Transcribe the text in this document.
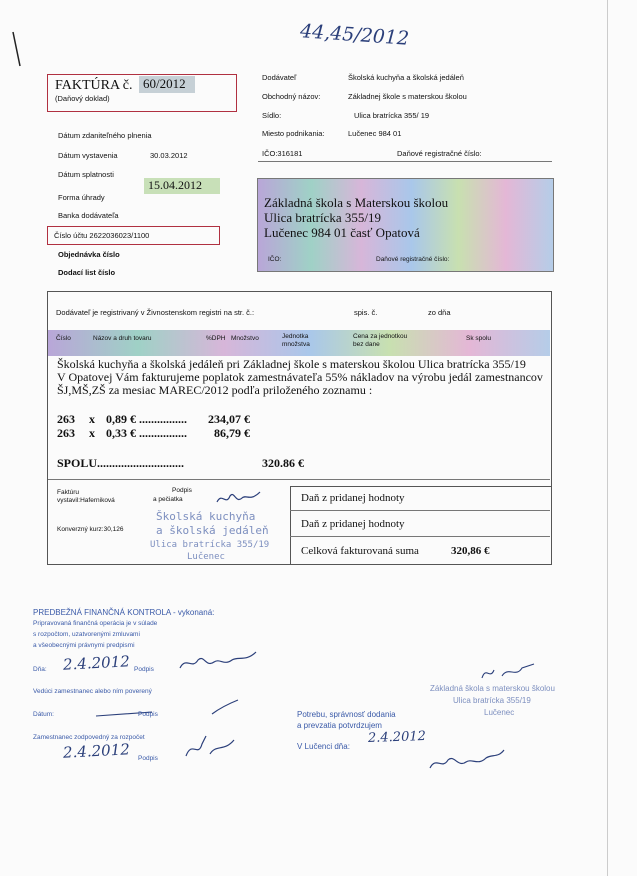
44,45/2012
FAKTÚRA č. 60/2012
(Daňový doklad)
Dátum zdaniteľného plnenia
Dátum vystavenia	30.03.2012
Dátum splatnosti
15.04.2012
Forma úhrady
Banka dodávateľa
Číslo účtu 2622036023/1100
Objednávka číslo
Dodací list číslo
Dodávateľ	Školská kuchyňa a školská jedáleň
Obchodný názov:	Základnej škole s materskou školou
Sídlo:	Ulica bratrícka 355/ 19
Miesto podnikania:	Lučenec 984 01
IČO:316181	Daňové registračné číslo:
Základná škola s Materskou školou
Ulica bratrícka 355/19
Lučenec 984 01 časť Opatová
IČO:	Daňové registračné číslo:
Dodávateľ je registrivaný v Živnostenskom registri na str. č.:	spis. č.	zo dňa
Číslo	Názov a druh tovaru	%DPH Množstvo	Jednotka množstva
Cena za jednotkou bez dane
Sk spolu
Školská kuchyňa a školská jedáleň pri Základnej škole s materskou školou Ulica bratrícka 355/19
V Opatovej Vám fakturujeme poplatok zamestnávateľa 55% nákladov na výrobu jedál zamestnancov
ŠJ,MŠ,ZŠ za mesiac MAREC/2012 podľa priloženého zoznamu :
263 x 0,89 € ................	234,07 €
263 x 0,33 € ................	86,79 €
SPOLU.............................	320.86 €
Faktúru
vystavil:Haferniková
Podpis
a pečiatka
Konverzný kurz:30,126
Školská kuchyňa
a školská jedáleň
Ulica bratrícka 355/19
Lučenec
Daň z pridanej hodnoty
Daň z pridanej hodnoty
Celková fakturovaná suma	320,86 €
PREDBEŽNÁ FINANČNÁ KONTROLA - vykonaná:
Pripravovaná finančná operácia je v súlade
s rozpočtom, uzatvorenými zmluvami
a všeobecnými právnymi predpismi
Dňa: 2.4.2012 Podpis
Vedúci zamestnanec alebo ním poverený
Dátum:	Podpis
Zamestnanec zodpovedný za rozpočet
2.4.2012 Podpis
Základná škola s materskou školou
Ulica bratrícka 355/19
Lučenec
Potrebu, správnosť dodania
a prevzatia potvrdzujem
V Lučenci dňa:
2.4.2012
